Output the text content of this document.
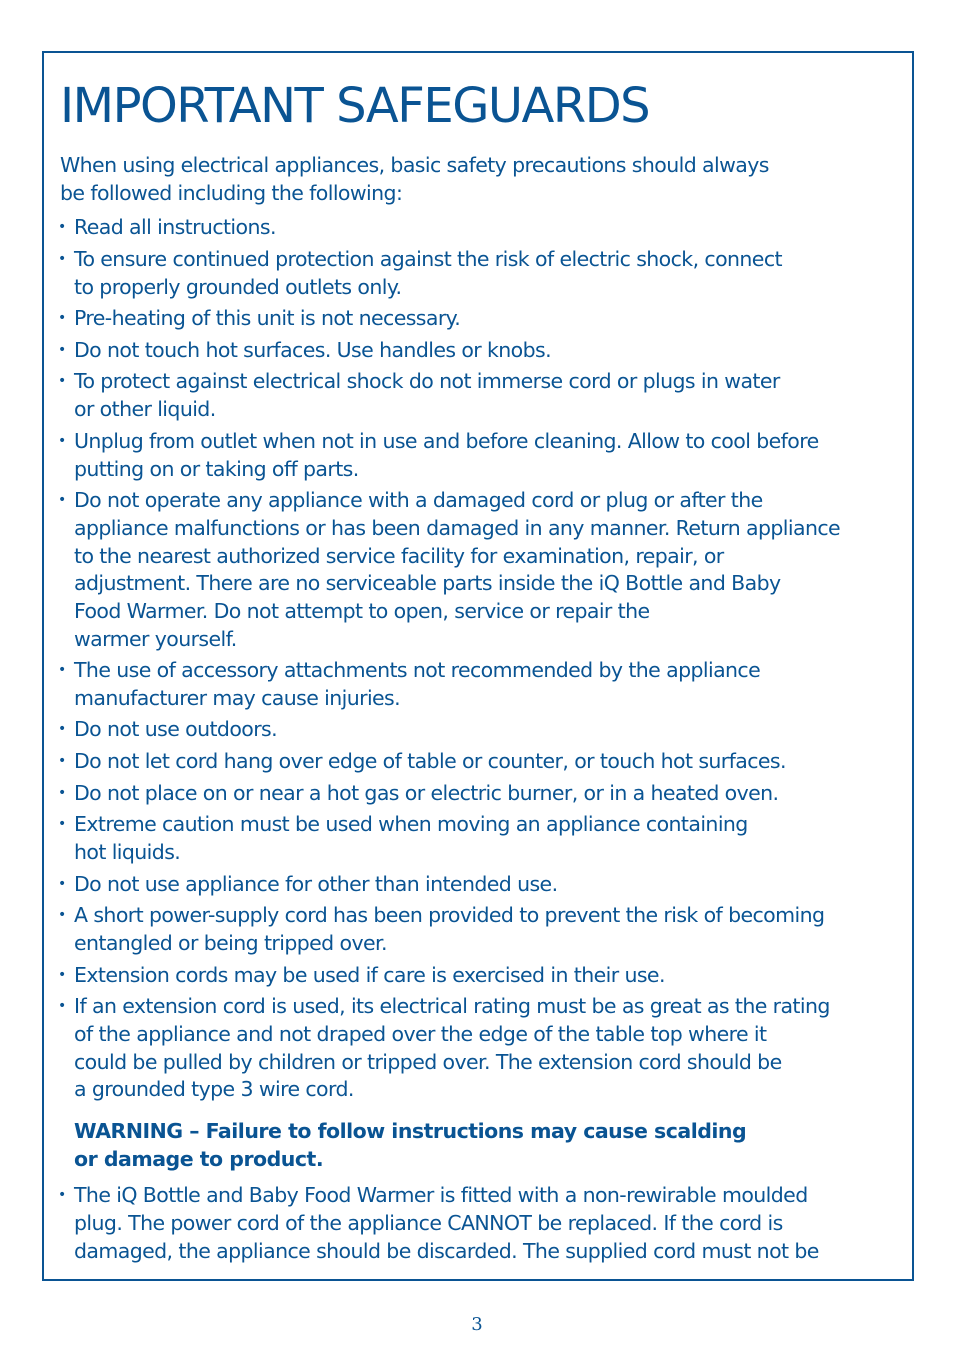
IMPORTANT SAFEGUARDS
When using electrical appliances, basic safety precautions should always
be followed including the following:
• Read all instructions.
• To ensure continued protection against the risk of electric shock, connect
to properly grounded outlets only.
• Pre-heating of this unit is not necessary.
• Do not touch hot surfaces. Use handles or knobs.
• To protect against electrical shock do not immerse cord or plugs in water
or other liquid.
• Unplug from outlet when not in use and before cleaning. Allow to cool before
putting on or taking off parts.
• Do not operate any appliance with a damaged cord or plug or after the
appliance malfunctions or has been damaged in any manner. Return appliance
to the nearest authorized service facility for examination, repair, or
adjustment. There are no serviceable parts inside the iQ Bottle and Baby
Food Warmer. Do not attempt to open, service or repair the
warmer yourself.
• The use of accessory attachments not recommended by the appliance
manufacturer may cause injuries.
• Do not use outdoors.
• Do not let cord hang over edge of table or counter, or touch hot surfaces.
• Do not place on or near a hot gas or electric burner, or in a heated oven.
• Extreme caution must be used when moving an appliance containing
hot liquids.
• Do not use appliance for other than intended use.
• A short power-supply cord has been provided to prevent the risk of becoming
entangled or being tripped over.
• Extension cords may be used if care is exercised in their use.
• If an extension cord is used, its electrical rating must be as great as the rating
of the appliance and not draped over the edge of the table top where it
could be pulled by children or tripped over. The extension cord should be
a grounded type 3 wire cord.
• The iQ Bottle and Baby Food Warmer is fitted with a non-rewirable moulded
plug. The power cord of the appliance CANNOT be replaced. If the cord is
damaged, the appliance should be discarded. The supplied cord must not be
WARNING – Failure to follow instructions may cause scalding
or damage to product.
3
